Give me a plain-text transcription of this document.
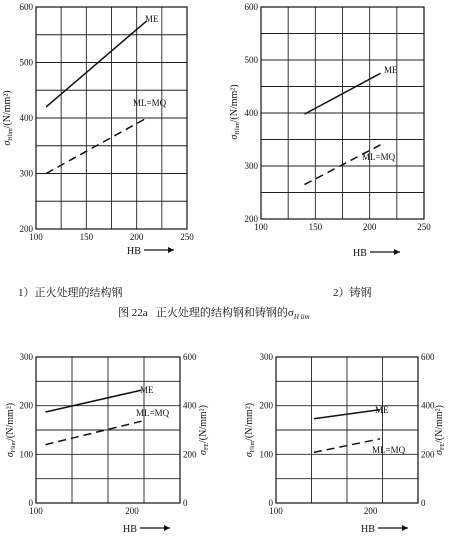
200
300
400
500
600
100	150	200	250
HB
$\sigma_{Hlim}/(N/mm^2)$
ME
ML=MQ
200
300
400
500
600
100	150	200	250
HB
$\sigma_{Hlim}/(N/mm^2)$
ME
ML=MQ
0
100
200
300
0
200
400
600
100	200
HB
$\sigma_{Flim}/(N/mm^2)$
$\sigma_{FE}/(N/mm^2)$
ME
ML=MQ
0
100
200
300
0
200
400
600
100	200
HB
$\sigma_{Flim}/(N/mm^2)$
$\sigma_{FE}/(N/mm^2)$
ME
ML=MQ
1）正火处理的结构钢	2）铸钢
图 22a 正火处理的结构钢和铸钢的$\sigma_{H lim}$
